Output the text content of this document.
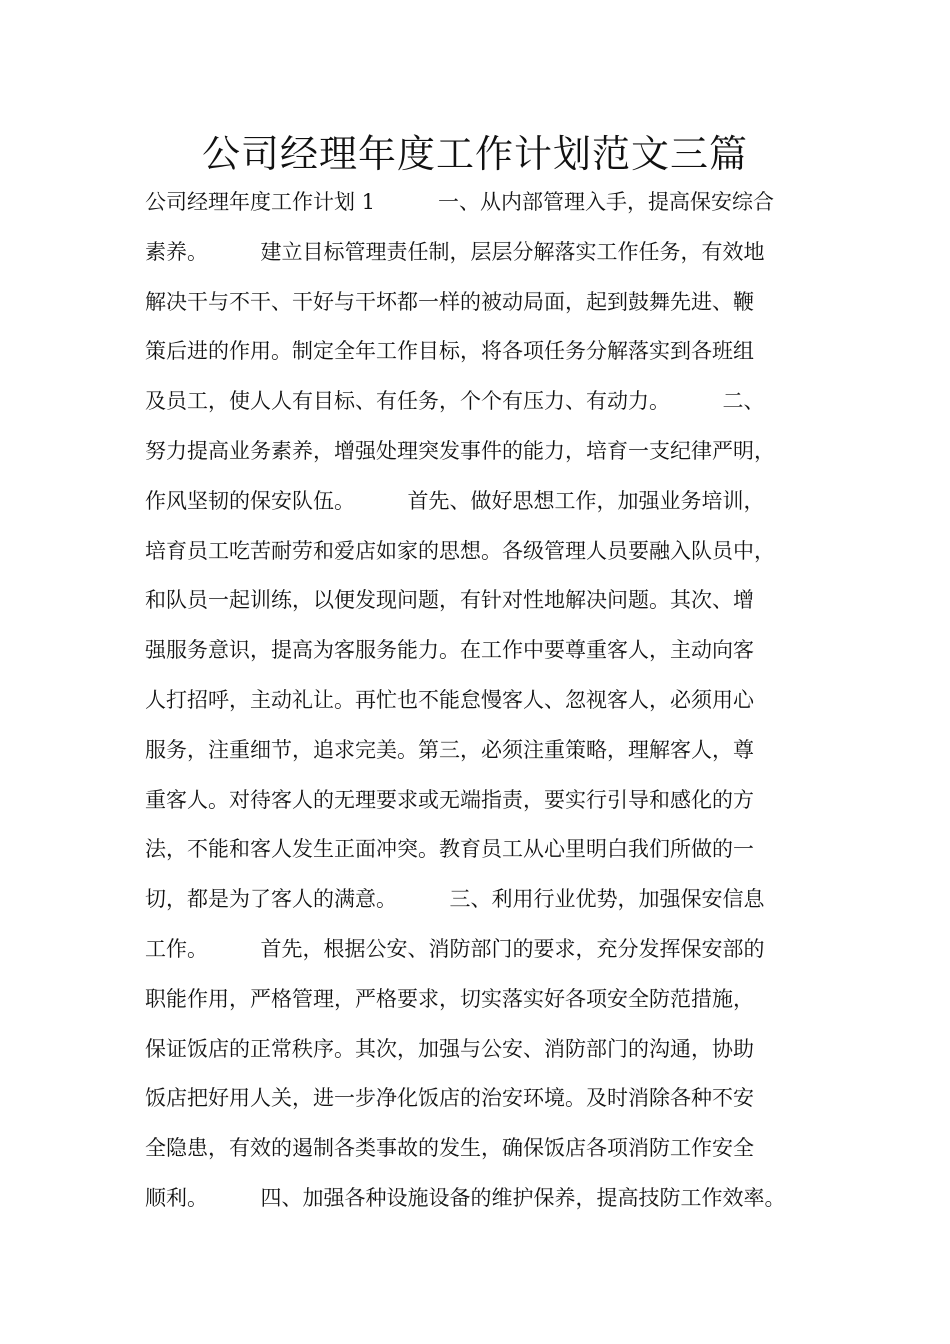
公司经理年度工作计划范文三篇
公司经理年度工作计划 1　　　一、从内部管理入手，提高保安综合
素养。　　　建立目标管理责任制，层层分解落实工作任务，有效地
解决干与不干、干好与干坏都一样的被动局面，起到鼓舞先进、鞭
策后进的作用。制定全年工作目标，将各项任务分解落实到各班组
及员工，使人人有目标、有任务，个个有压力、有动力。　　　二、
努力提高业务素养，增强处理突发事件的能力，培育一支纪律严明，
作风坚韧的保安队伍。　　　首先、做好思想工作，加强业务培训，
培育员工吃苦耐劳和爱店如家的思想。各级管理人员要融入队员中，
和队员一起训练，以便发现问题，有针对性地解决问题。其次、增
强服务意识，提高为客服务能力。在工作中要尊重客人，主动向客
人打招呼，主动礼让。再忙也不能怠慢客人、忽视客人，必须用心
服务，注重细节，追求完美。第三，必须注重策略，理解客人，尊
重客人。对待客人的无理要求或无端指责，要实行引导和感化的方
法，不能和客人发生正面冲突。教育员工从心里明白我们所做的一
切，都是为了客人的满意。　　　三、利用行业优势，加强保安信息
工作。　　　首先，根据公安、消防部门的要求，充分发挥保安部的
职能作用，严格管理，严格要求，切实落实好各项安全防范措施，
保证饭店的正常秩序。其次，加强与公安、消防部门的沟通，协助
饭店把好用人关，进一步净化饭店的治安环境。及时消除各种不安
全隐患，有效的遏制各类事故的发生，确保饭店各项消防工作安全
顺利。　　　四、加强各种设施设备的维护保养，提高技防工作效率。
